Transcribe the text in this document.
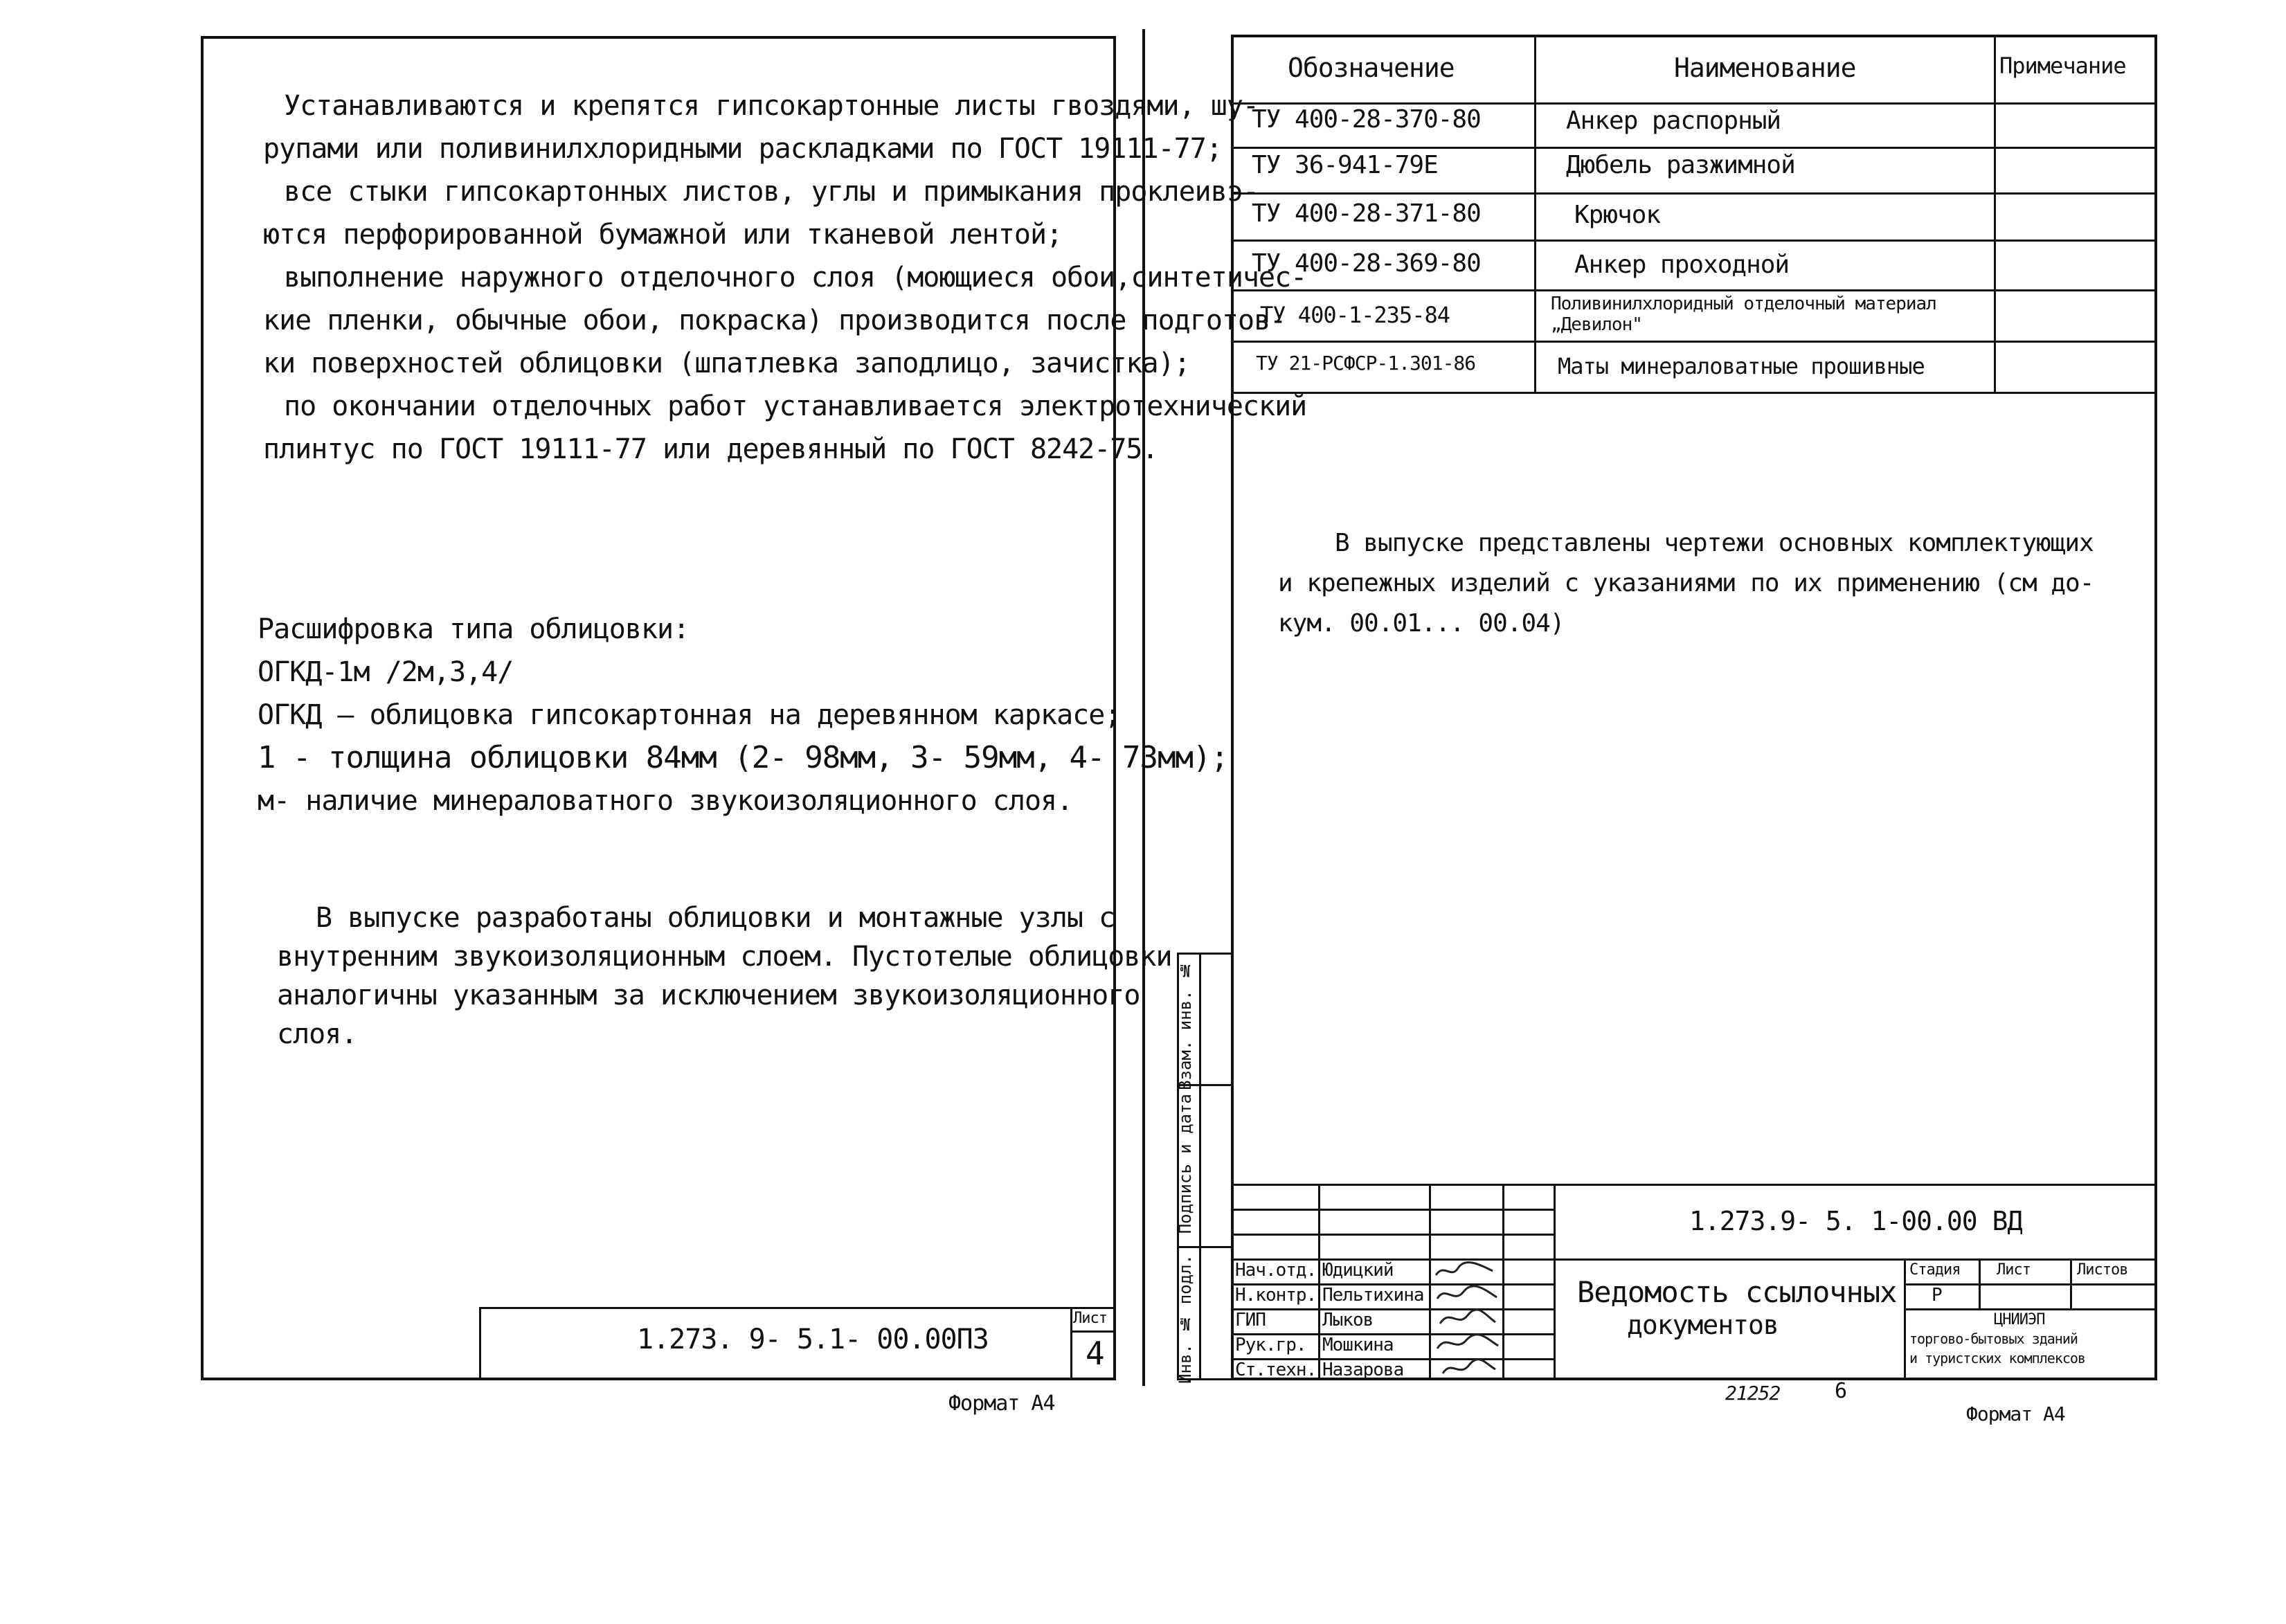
Устанавливаются и крепятся гипсокартонные листы гвоздями, шу-
рупами или поливинилхлоридными раскладками по ГОСТ 19111-77;
все стыки гипсокартонных листов, углы и примыкания проклеивэ-
ются перфорированной бумажной или тканевой лентой;
выполнение наружного отделочного слоя (моющиеся обои,синтетичес-
кие пленки, обычные обои, покраска) производится после подготов-
ки поверхностей облицовки (шпатлевка заподлицо, зачистка);
по окончании отделочных работ устанавливается электротехнический
плинтус по ГОСТ 19111-77 или деревянный по ГОСТ 8242-75.
Расшифровка типа облицовки:
ОГКД-1м /2м,3,4/
ОГКД – облицовка гипсокартонная на деревянном каркасе;
1 - толщина облицовки 84мм (2- 98мм, 3- 59мм, 4- 73мм);
м- наличие минераловатного звукоизоляционного слоя.
В выпуске разработаны облицовки и монтажные узлы с
внутренним звукоизоляционным слоем. Пустотелые облицовки
аналогичны указанным за исключением звукоизоляционного
слоя.
1.273. 9- 5.1- 00.00ПЗ
Лист
4
Формат А4
Взам. инв. №
Подпись и дата
Инв. № подл.
Обозначение	Наименование	Примечание
ТУ 400-28-370-80	Анкер распорный
ТУ 36-941-79Е	Дюбель разжимной
ТУ 400-28-371-80	Крючок
ТУ 400-28-369-80	Анкер проходной
ТУ 400-1-235-84	Поливинилхлоридный отделочный материал „Девилон"
ТУ 21-РСФСР-1.301-86	Маты минераловатные прошивные
В выпуске представлены чертежи основных комплектующих
и крепежных изделий с указаниями по их применению (см до-
кум. 00.01... 00.04)
1.273.9- 5. 1-00.00 ВД
Нач.отд. Юдицкий
Н.контр. Пельтихина
ГИП	Лыков
Рук.гр. Мошкина
Ст.техн. Назарова
Ведомость ссылочных
документов
Стадия Лист	Листов
Р
ЦНИИЭП
торгово-бытовых зданий
и туристских комплексов
21252	6
Формат А4
